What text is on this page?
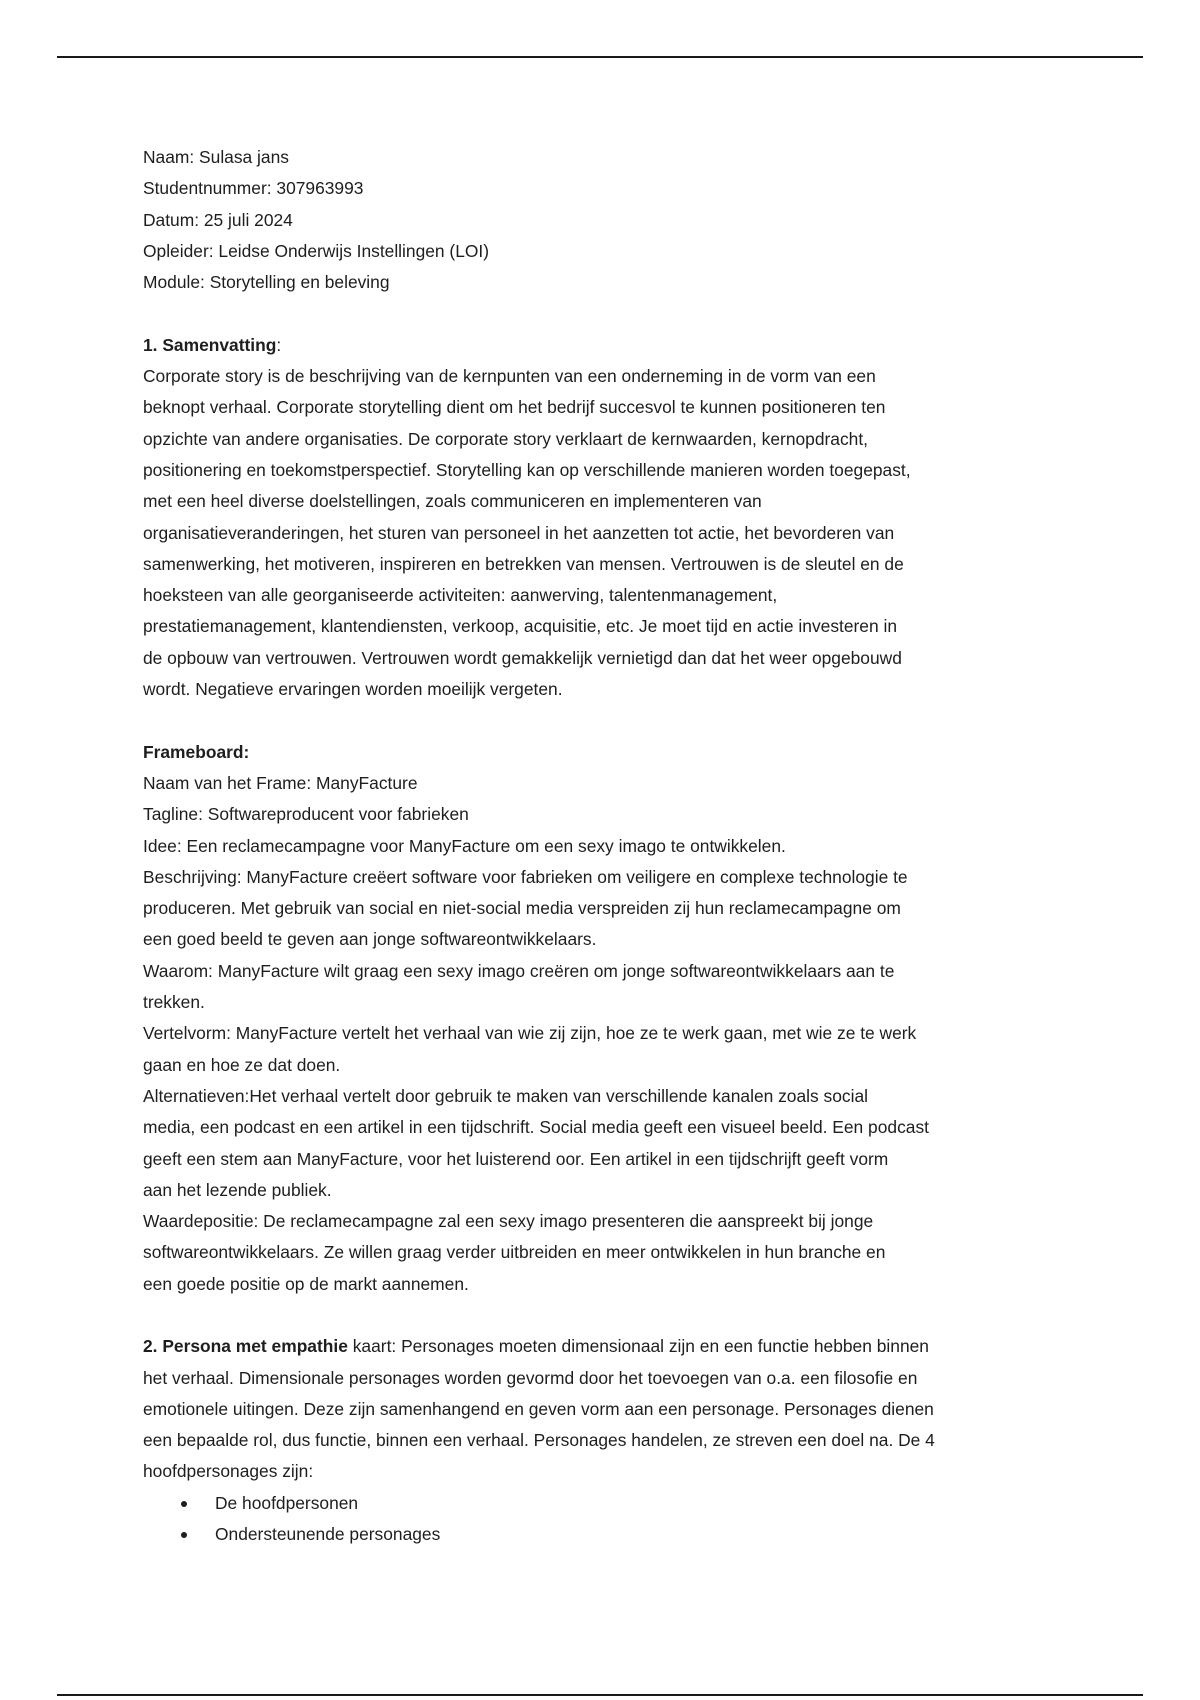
Naam: Sulasa jans
Studentnummer: 307963993
Datum: 25 juli 2024
Opleider: Leidse Onderwijs Instellingen (LOI)
Module: Storytelling en beleving
1. Samenvatting:
Corporate story is de beschrijving van de kernpunten van een onderneming in de vorm van een
beknopt verhaal. Corporate storytelling dient om het bedrijf succesvol te kunnen positioneren ten
opzichte van andere organisaties. De corporate story verklaart de kernwaarden, kernopdracht,
positionering en toekomstperspectief. Storytelling kan op verschillende manieren worden toegepast,
met een heel diverse doelstellingen, zoals communiceren en implementeren van
organisatieveranderingen, het sturen van personeel in het aanzetten tot actie, het bevorderen van
samenwerking, het motiveren, inspireren en betrekken van mensen. Vertrouwen is de sleutel en de
hoeksteen van alle georganiseerde activiteiten: aanwerving, talentenmanagement,
prestatiemanagement, klantendiensten, verkoop, acquisitie, etc. Je moet tijd en actie investeren in
de opbouw van vertrouwen. Vertrouwen wordt gemakkelijk vernietigd dan dat het weer opgebouwd
wordt. Negatieve ervaringen worden moeilijk vergeten.
Frameboard:
Naam van het Frame: ManyFacture
Tagline: Softwareproducent voor fabrieken
Idee: Een reclamecampagne voor ManyFacture om een sexy imago te ontwikkelen.
Beschrijving: ManyFacture creëert software voor fabrieken om veiligere en complexe technologie te
produceren. Met gebruik van social en niet-social media verspreiden zij hun reclamecampagne om
een goed beeld te geven aan jonge softwareontwikkelaars.
Waarom: ManyFacture wilt graag een sexy imago creëren om jonge softwareontwikkelaars aan te
trekken.
Vertelvorm: ManyFacture vertelt het verhaal van wie zij zijn, hoe ze te werk gaan, met wie ze te werk
gaan en hoe ze dat doen.
Alternatieven:Het verhaal vertelt door gebruik te maken van verschillende kanalen zoals social
media, een podcast en een artikel in een tijdschrift. Social media geeft een visueel beeld. Een podcast
geeft een stem aan ManyFacture, voor het luisterend oor. Een artikel in een tijdschrijft geeft vorm
aan het lezende publiek.
Waardepositie: De reclamecampagne zal een sexy imago presenteren die aanspreekt bij jonge
softwareontwikkelaars. Ze willen graag verder uitbreiden en meer ontwikkelen in hun branche en
een goede positie op de markt aannemen.
2. Persona met empathie kaart: Personages moeten dimensionaal zijn en een functie hebben binnen
het verhaal. Dimensionale personages worden gevormd door het toevoegen van o.a. een filosofie en
emotionele uitingen. Deze zijn samenhangend en geven vorm aan een personage. Personages dienen
een bepaalde rol, dus functie, binnen een verhaal. Personages handelen, ze streven een doel na. De 4
hoofdpersonages zijn:
De hoofdpersonen
Ondersteunende personages
